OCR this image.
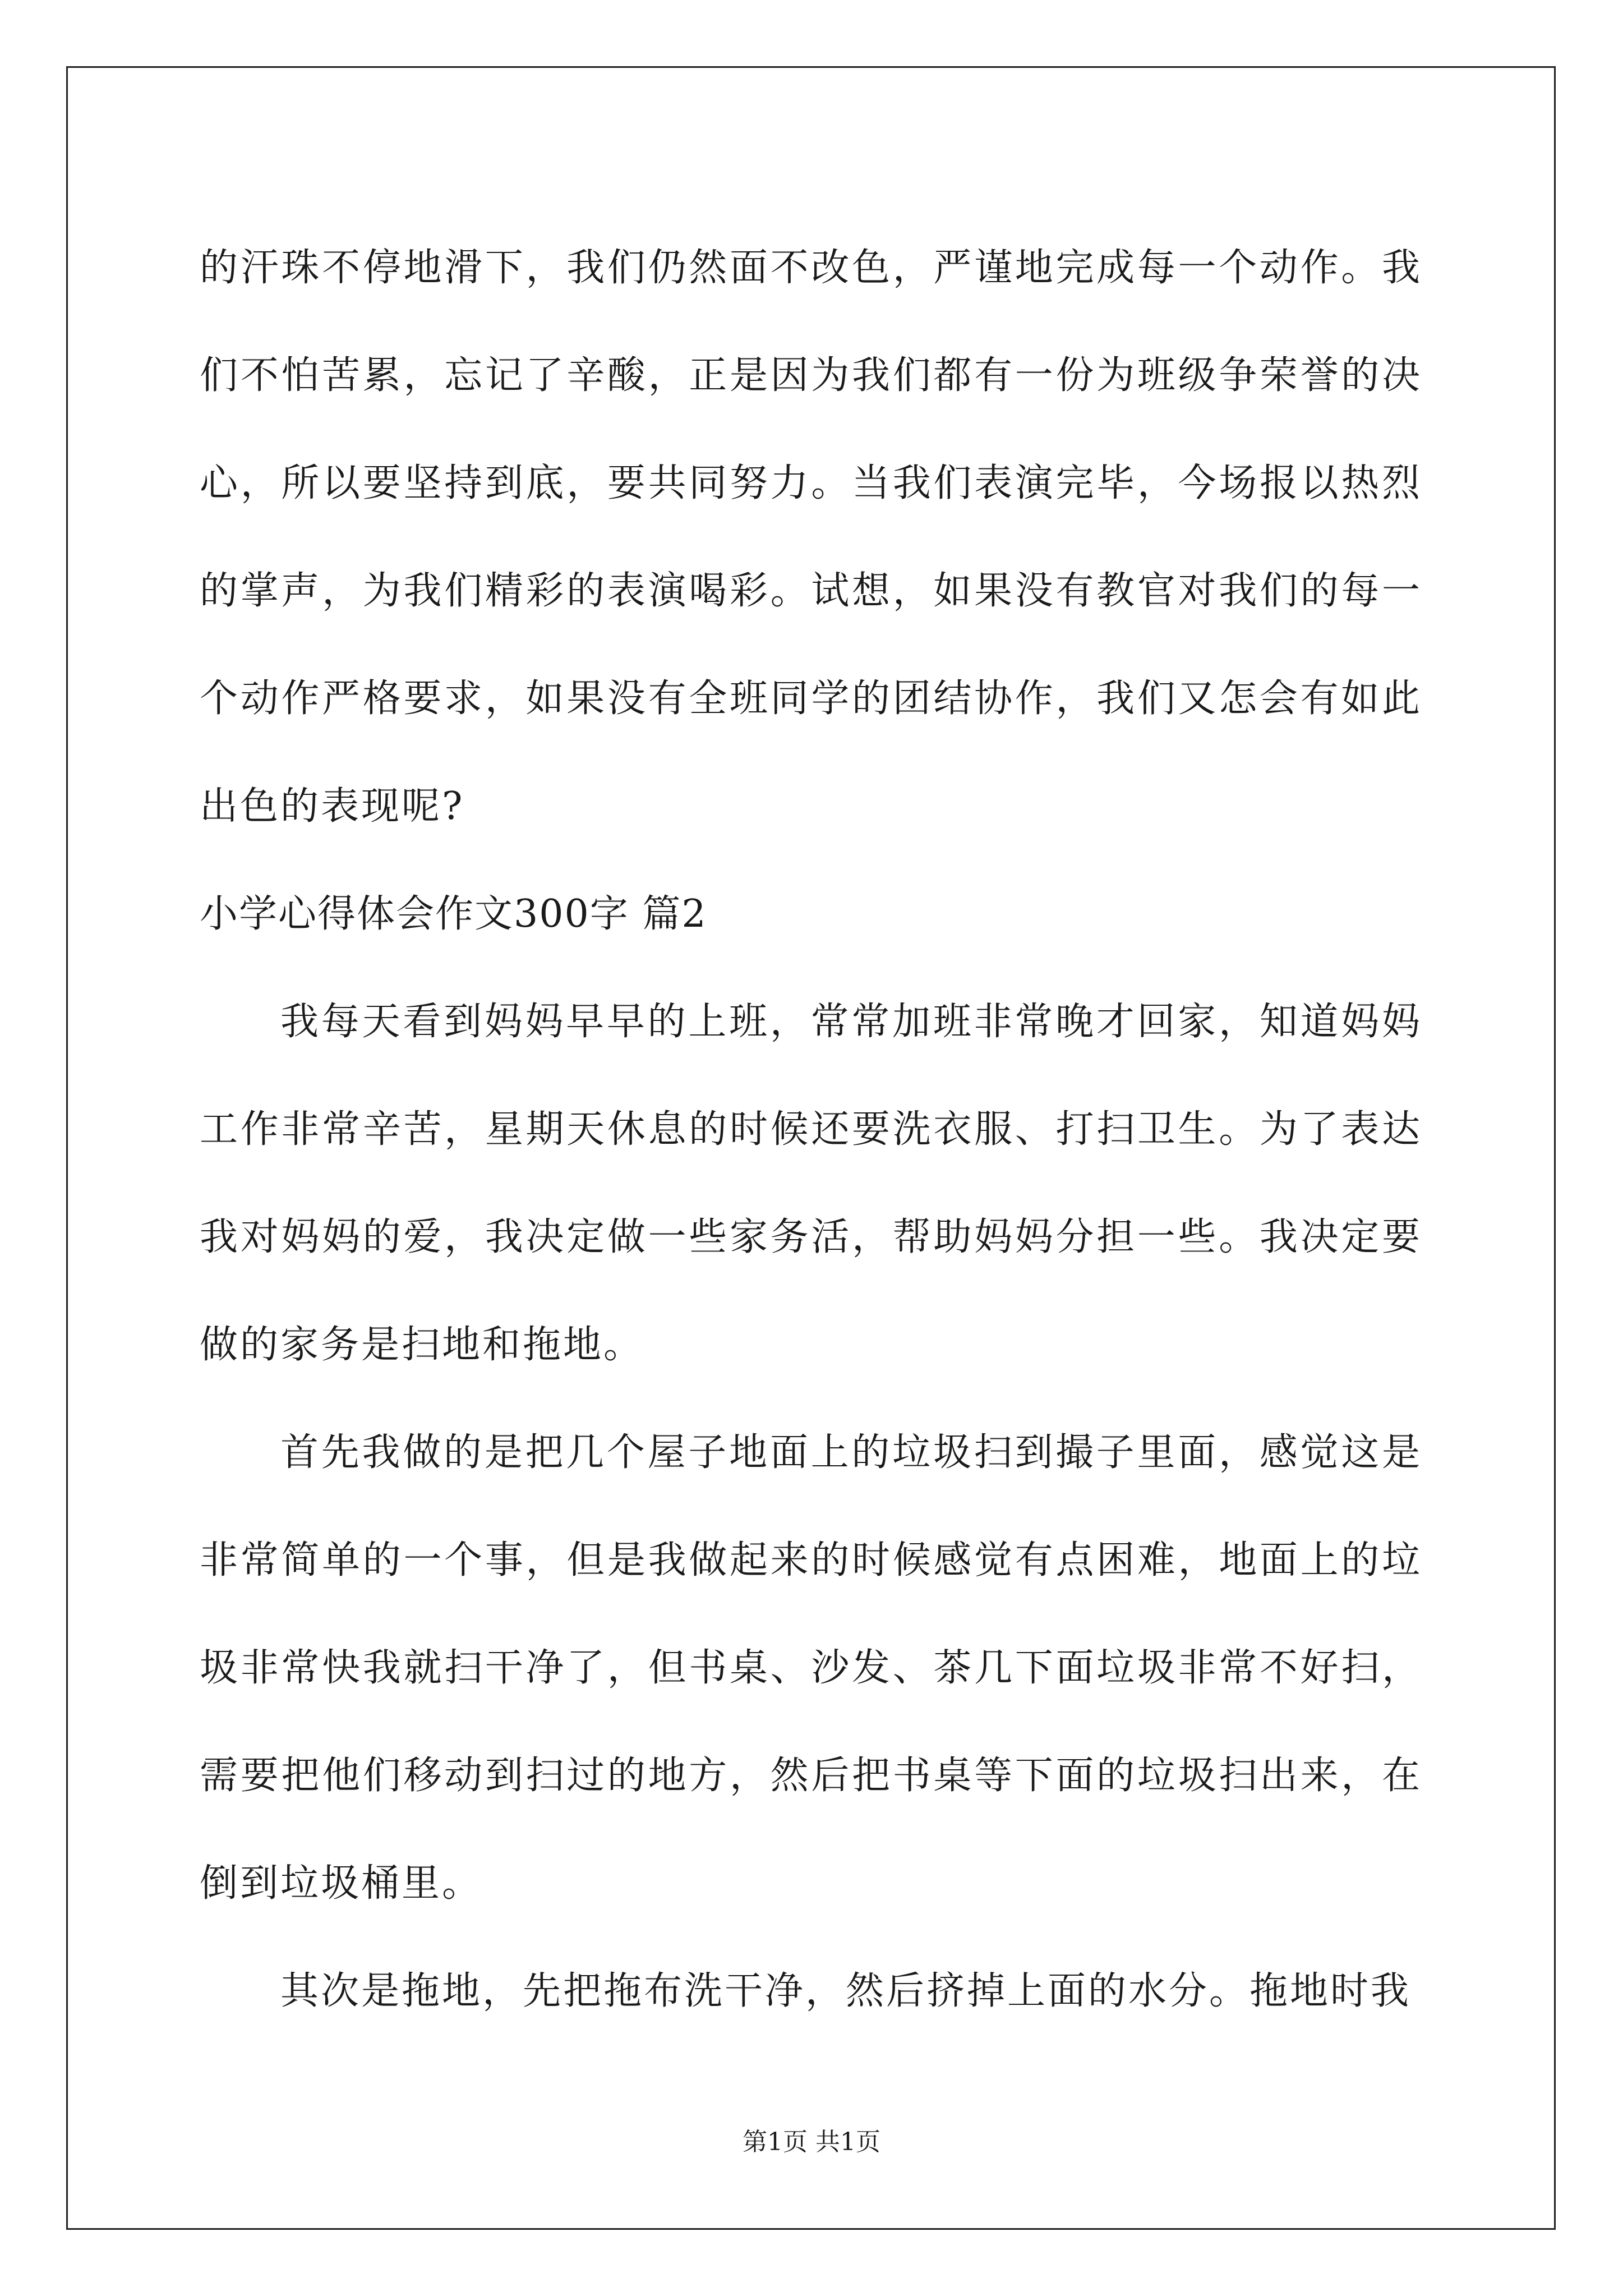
的汗珠不停地滑下，我们仍然面不改色，严谨地完成每一个动作。我们不怕苦累，忘记了辛酸，正是因为我们都有一份为班级争荣誉的决心，所以要坚持到底，要共同努力。当我们表演完毕，今场报以热烈的掌声，为我们精彩的表演喝彩。试想，如果没有教官对我们的每一个动作严格要求，如果没有全班同学的团结协作，我们又怎会有如此出色的表现呢?

小学心得体会作文300字 篇2

我每天看到妈妈早早的上班，常常加班非常晚才回家，知道妈妈工作非常辛苦，星期天休息的时候还要洗衣服、打扫卫生。为了表达我对妈妈的爱，我决定做一些家务活，帮助妈妈分担一些。我决定要做的家务是扫地和拖地。

首先我做的是把几个屋子地面上的垃圾扫到撮子里面，感觉这是非常简单的一个事，但是我做起来的时候感觉有点困难，地面上的垃圾非常快我就扫干净了，但书桌、沙发、茶几下面垃圾非常不好扫，需要把他们移动到扫过的地方，然后把书桌等下面的垃圾扫出来，在倒到垃圾桶里。

其次是拖地，先把拖布洗干净，然后挤掉上面的水分。拖地时我

第1页 共1页
